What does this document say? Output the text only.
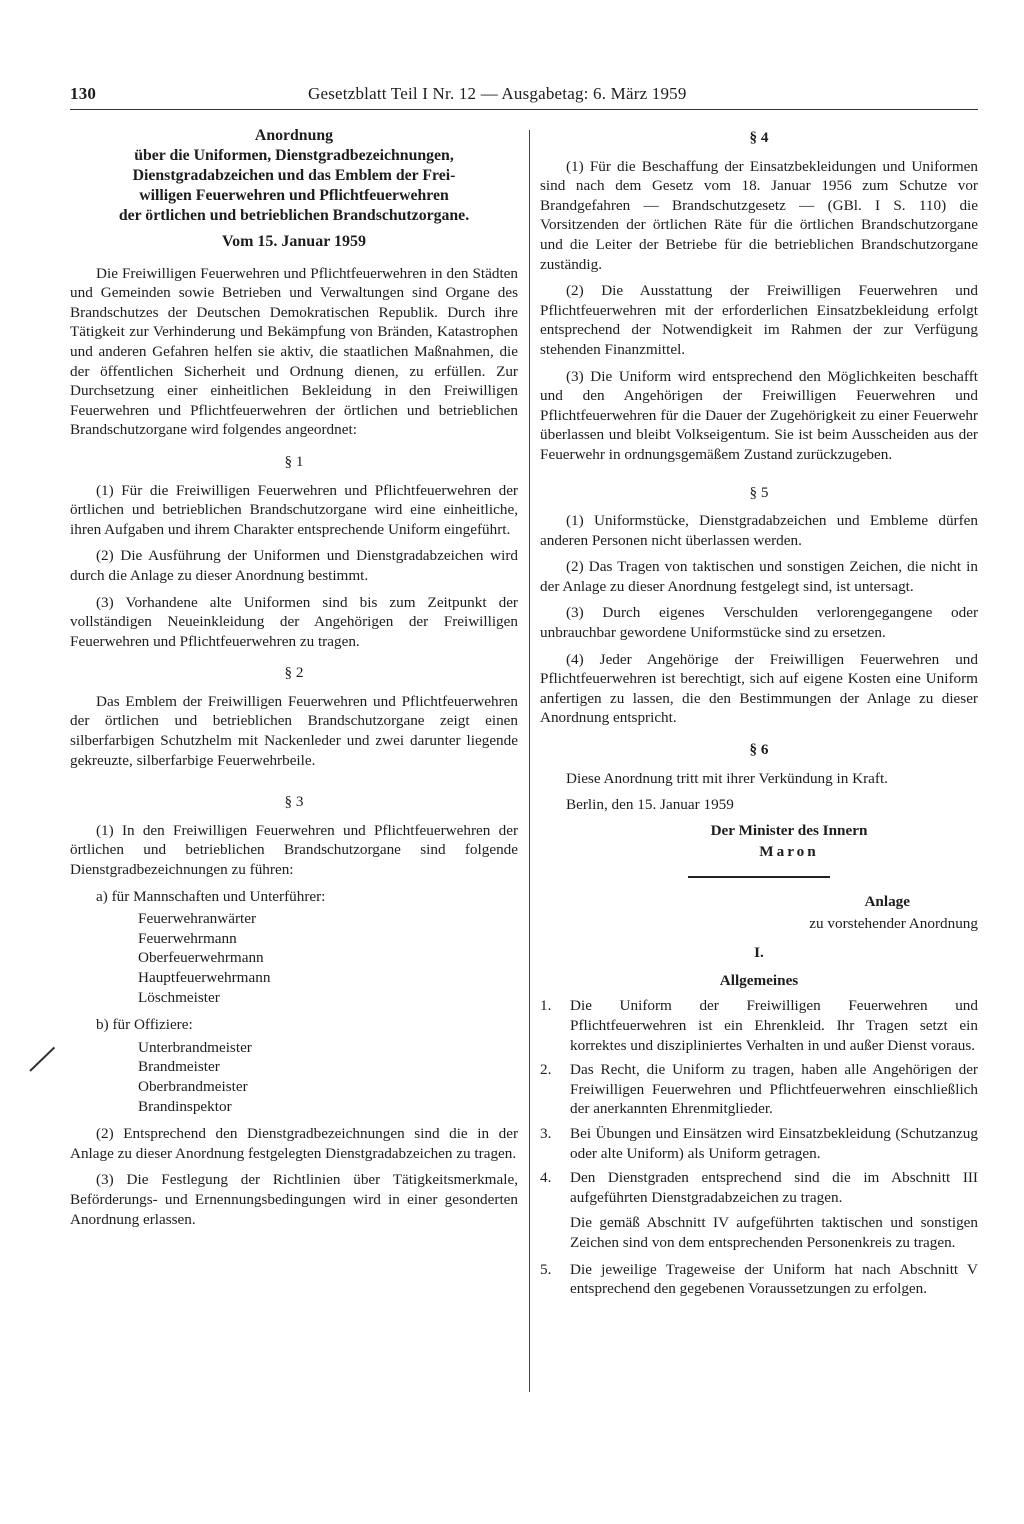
130	Gesetzblatt Teil I Nr. 12 — Ausgabetag: 6. März 1959
Anordnung
über die Uniformen, Dienstgradbezeichnungen,
Dienstgradabzeichen und das Emblem der Frei-
willigen Feuerwehren und Pflichtfeuerwehren
der örtlichen und betrieblichen Brandschutzorgane.
Vom 15. Januar 1959

Die Freiwilligen Feuerwehren und Pflichtfeuerwehren in den Städten und Gemeinden sowie Betrieben und Verwaltungen sind Organe des Brandschutzes der Deutschen Demokratischen Republik. Durch ihre Tätigkeit zur Verhinderung und Bekämpfung von Bränden, Katastrophen und anderen Gefahren helfen sie aktiv, die staatlichen Maßnahmen, die der öffentlichen Sicherheit und Ordnung dienen, zu erfüllen. Zur Durchsetzung einer einheitlichen Bekleidung in den Freiwilligen Feuerwehren und Pflichtfeuerwehren der örtlichen und betrieblichen Brandschutzorgane wird folgendes angeordnet:

§ 1

(1) Für die Freiwilligen Feuerwehren und Pflichtfeuerwehren der örtlichen und betrieblichen Brandschutzorgane wird eine einheitliche, ihren Aufgaben und ihrem Charakter entsprechende Uniform eingeführt.

(2) Die Ausführung der Uniformen und Dienstgradabzeichen wird durch die Anlage zu dieser Anordnung bestimmt.

(3) Vorhandene alte Uniformen sind bis zum Zeitpunkt der vollständigen Neueinkleidung der Angehörigen der Freiwilligen Feuerwehren und Pflichtfeuerwehren zu tragen.

§ 2

Das Emblem der Freiwilligen Feuerwehren und Pflichtfeuerwehren der örtlichen und betrieblichen Brandschutzorgane zeigt einen silberfarbigen Schutzhelm mit Nackenleder und zwei darunter liegende gekreuzte, silberfarbige Feuerwehrbeile.

§ 3

(1) In den Freiwilligen Feuerwehren und Pflichtfeuerwehren der örtlichen und betrieblichen Brandschutzorgane sind folgende Dienstgradbezeichnungen zu führen:

a) für Mannschaften und Unterführer:
Feuerwehranwärter
Feuerwehrmann
Oberfeuerwehrmann
Hauptfeuerwehrmann
Löschmeister
b) für Offiziere:
Unterbrandmeister
Brandmeister
Oberbrandmeister
Brandinspektor

(2) Entsprechend den Dienstgradbezeichnungen sind die in der Anlage zu dieser Anordnung festgelegten Dienstgradabzeichen zu tragen.

(3) Die Festlegung der Richtlinien über Tätigkeitsmerkmale, Beförderungs- und Ernennungsbedingungen wird in einer gesonderten Anordnung erlassen.

§ 4

(1) Für die Beschaffung der Einsatzbekleidungen und Uniformen sind nach dem Gesetz vom 18. Januar 1956 zum Schutze vor Brandgefahren — Brandschutzgesetz — (GBl. I S. 110) die Vorsitzenden der örtlichen Räte für die örtlichen Brandschutzorgane und die Leiter der Betriebe für die betrieblichen Brandschutzorgane zuständig.

(2) Die Ausstattung der Freiwilligen Feuerwehren und Pflichtfeuerwehren mit der erforderlichen Einsatzbekleidung erfolgt entsprechend der Notwendigkeit im Rahmen der zur Verfügung stehenden Finanzmittel.

(3) Die Uniform wird entsprechend den Möglichkeiten beschafft und den Angehörigen der Freiwilligen Feuerwehren und Pflichtfeuerwehren für die Dauer der Zugehörigkeit zu einer Feuerwehr überlassen und bleibt Volkseigentum. Sie ist beim Ausscheiden aus der Feuerwehr in ordnungsgemäßem Zustand zurückzugeben.

§ 5

(1) Uniformstücke, Dienstgradabzeichen und Embleme dürfen anderen Personen nicht überlassen werden.

(2) Das Tragen von taktischen und sonstigen Zeichen, die nicht in der Anlage zu dieser Anordnung festgelegt sind, ist untersagt.

(3) Durch eigenes Verschulden verlorengegangene oder unbrauchbar gewordene Uniformstücke sind zu ersetzen.

(4) Jeder Angehörige der Freiwilligen Feuerwehren und Pflichtfeuerwehren ist berechtigt, sich auf eigene Kosten eine Uniform anfertigen zu lassen, die den Bestimmungen der Anlage zu dieser Anordnung entspricht.

§ 6

Diese Anordnung tritt mit ihrer Verkündung in Kraft.

Berlin, den 15. Januar 1959
Der Minister des Innern
Maron
Anlage
zu vorstehender Anordnung
I.
Allgemeines
1. Die Uniform der Freiwilligen Feuerwehren und Pflichtfeuerwehren ist ein Ehrenkleid. Ihr Tragen setzt ein korrektes und diszipliniertes Verhalten in und außer Dienst voraus.
2. Das Recht, die Uniform zu tragen, haben alle Angehörigen der Freiwilligen Feuerwehren und Pflichtfeuerwehren einschließlich der anerkannten Ehrenmitglieder.
3. Bei Übungen und Einsätzen wird Einsatzbekleidung (Schutzanzug oder alte Uniform) als Uniform getragen.
4. Den Dienstgraden entsprechend sind die im Abschnitt III aufgeführten Dienstgradabzeichen zu tragen.

Die gemäß Abschnitt IV aufgeführten taktischen und sonstigen Zeichen sind von dem entsprechenden Personenkreis zu tragen.

5. Die jeweilige Trageweise der Uniform hat nach Abschnitt V entsprechend den gegebenen Voraussetzungen zu erfolgen.
